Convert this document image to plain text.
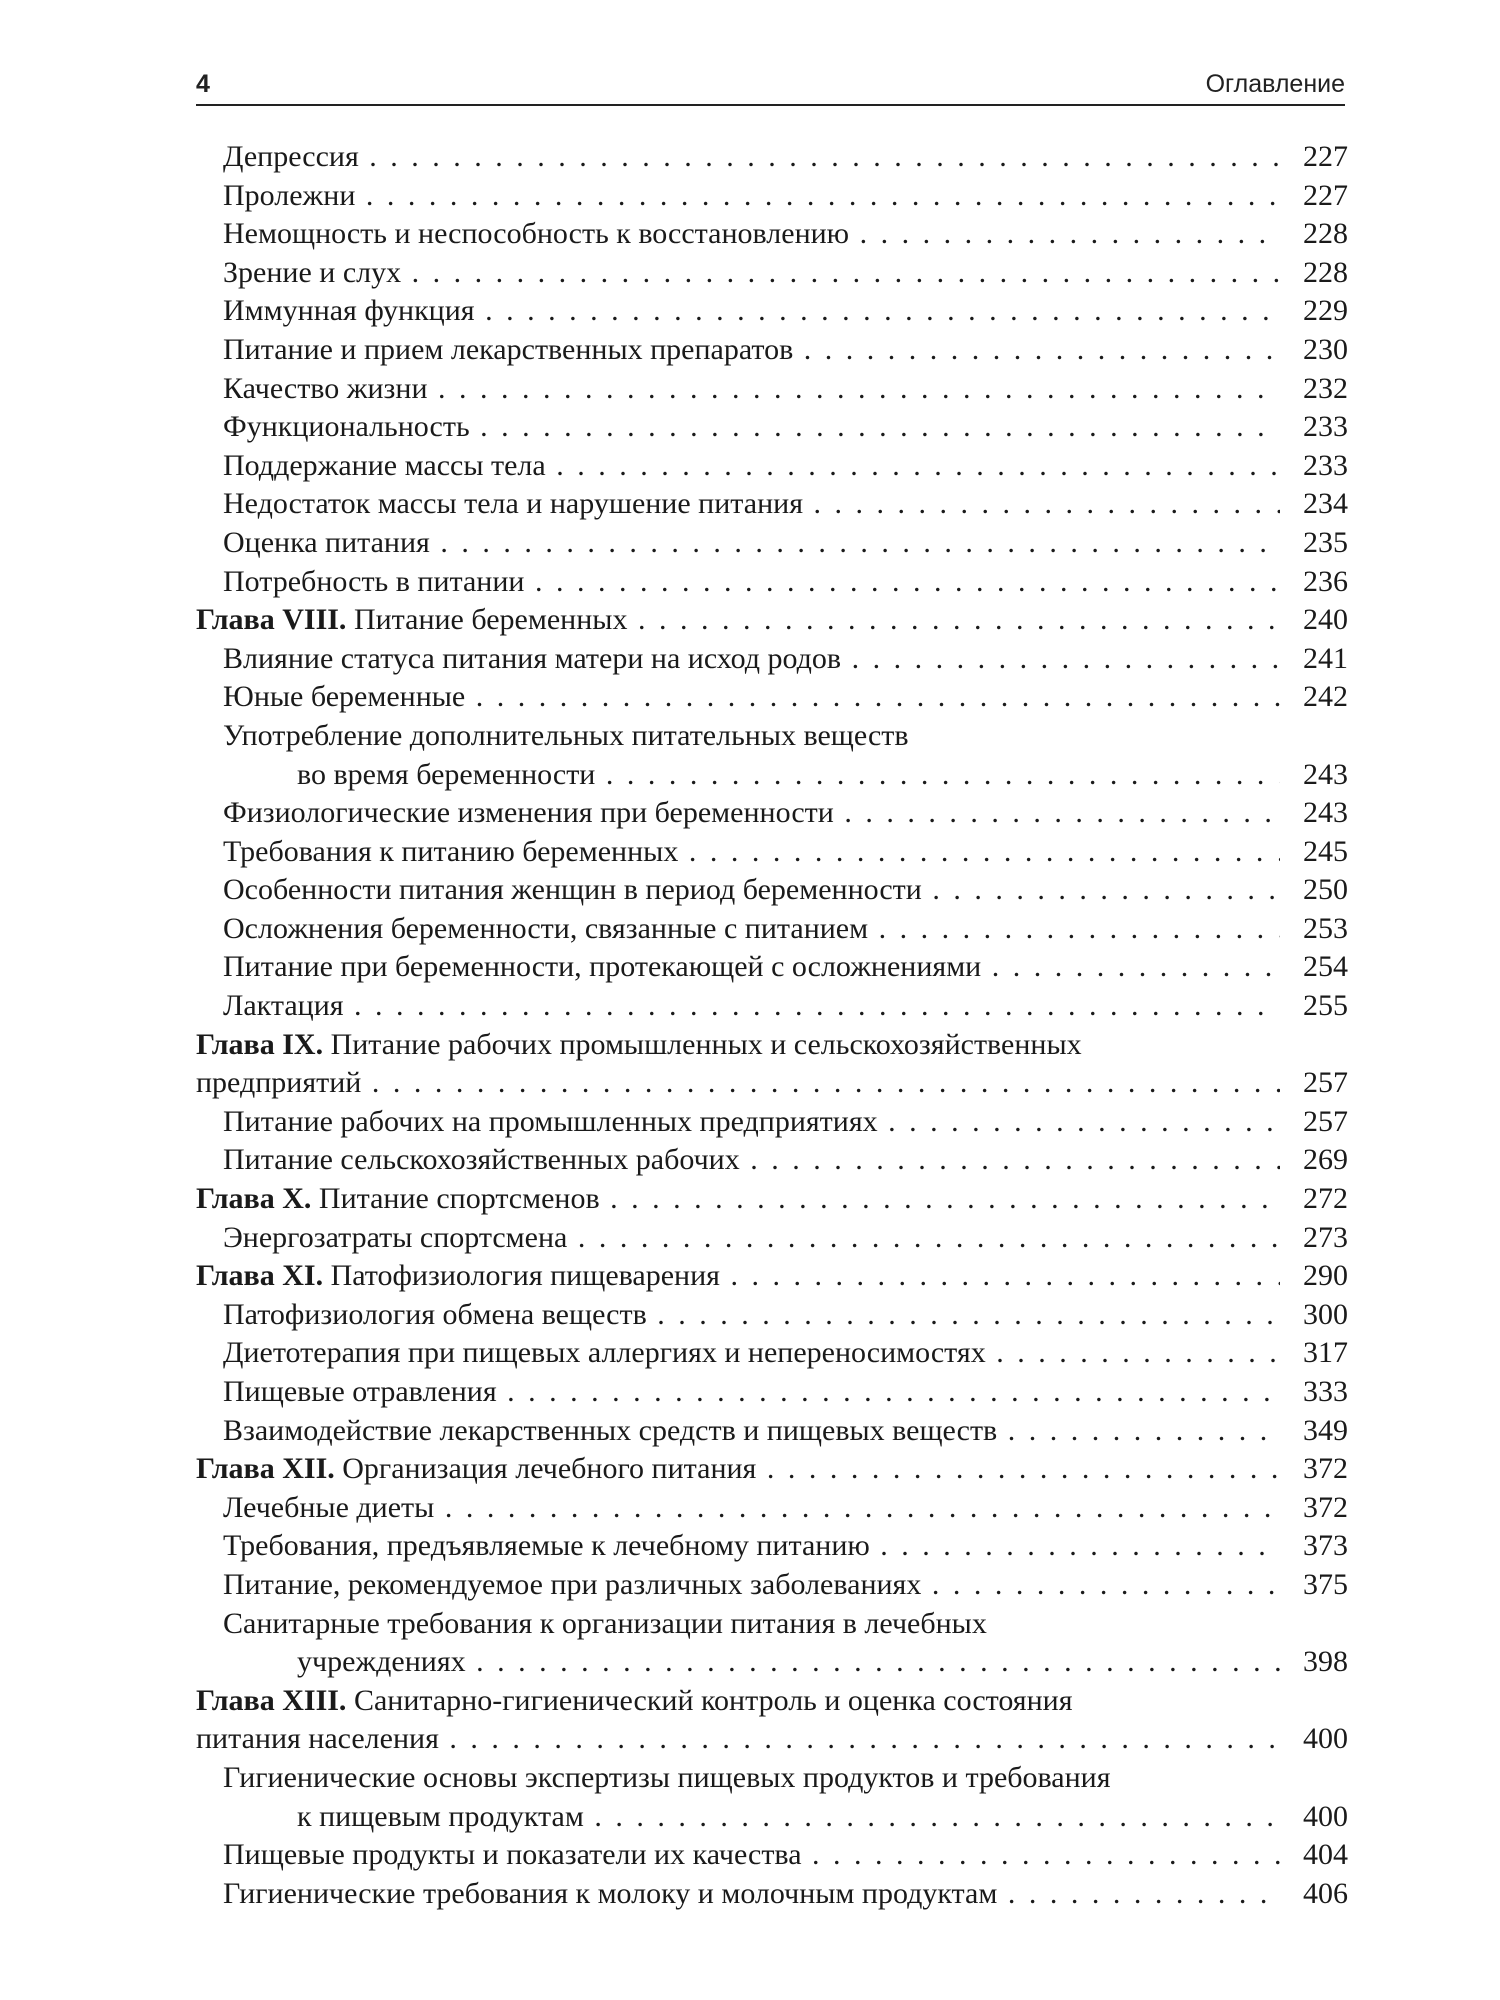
4	Оглавление
Депрессия . . .	227
Пролежни . . .	227
Немощность и неспособность к восстановлению . . .	228
Зрение и слух . . .	228
Иммунная функция . . .	229
Питание и прием лекарственных препаратов . . .	230
Качество жизни . . .	232
Функциональность . . .	233
Поддержание массы тела . . .	233
Недостаток массы тела и нарушение питания . . .	234
Оценка питания . . .	235
Потребность в питании . . .	236
Глава VIII. Питание беременных . . .	240
Влияние статуса питания матери на исход родов . . .	241
Юные беременные . . .	242
Употребление дополнительных питательных веществ
во время беременности . . .	243
Физиологические изменения при беременности . . .	243
Требования к питанию беременных . . .	245
Особенности питания женщин в период беременности . . .	250
Осложнения беременности, связанные с питанием . . .	253
Питание при беременности, протекающей с осложнениями . . .	254
Лактация . . .	255
Глава IX. Питание рабочих промышленных и сельскохозяйственных
предприятий . . .	257
Питание рабочих на промышленных предприятиях . . .	257
Питание сельскохозяйственных рабочих . . .	269
Глава X. Питание спортсменов . . .	272
Энергозатраты спортсмена . . .	273
Глава XI. Патофизиология пищеварения . . .	290
Патофизиология обмена веществ . . .	300
Диетотерапия при пищевых аллергиях и непереносимостях . . .	317
Пищевые отравления . . .	333
Взаимодействие лекарственных средств и пищевых веществ . . .	349
Глава XII. Организация лечебного питания . . .	372
Лечебные диеты . . .	372
Требования, предъявляемые к лечебному питанию . . .	373
Питание, рекомендуемое при различных заболеваниях . . .	375
Санитарные требования к организации питания в лечебных
учреждениях . . .	398
Глава XIII. Санитарно-гигиенический контроль и оценка состояния
питания населения . . .	400
Гигиенические основы экспертизы пищевых продуктов и требования
к пищевым продуктам . . .	400
Пищевые продукты и показатели их качества . . .	404
Гигиенические требования к молоку и молочным продуктам . . .	406
